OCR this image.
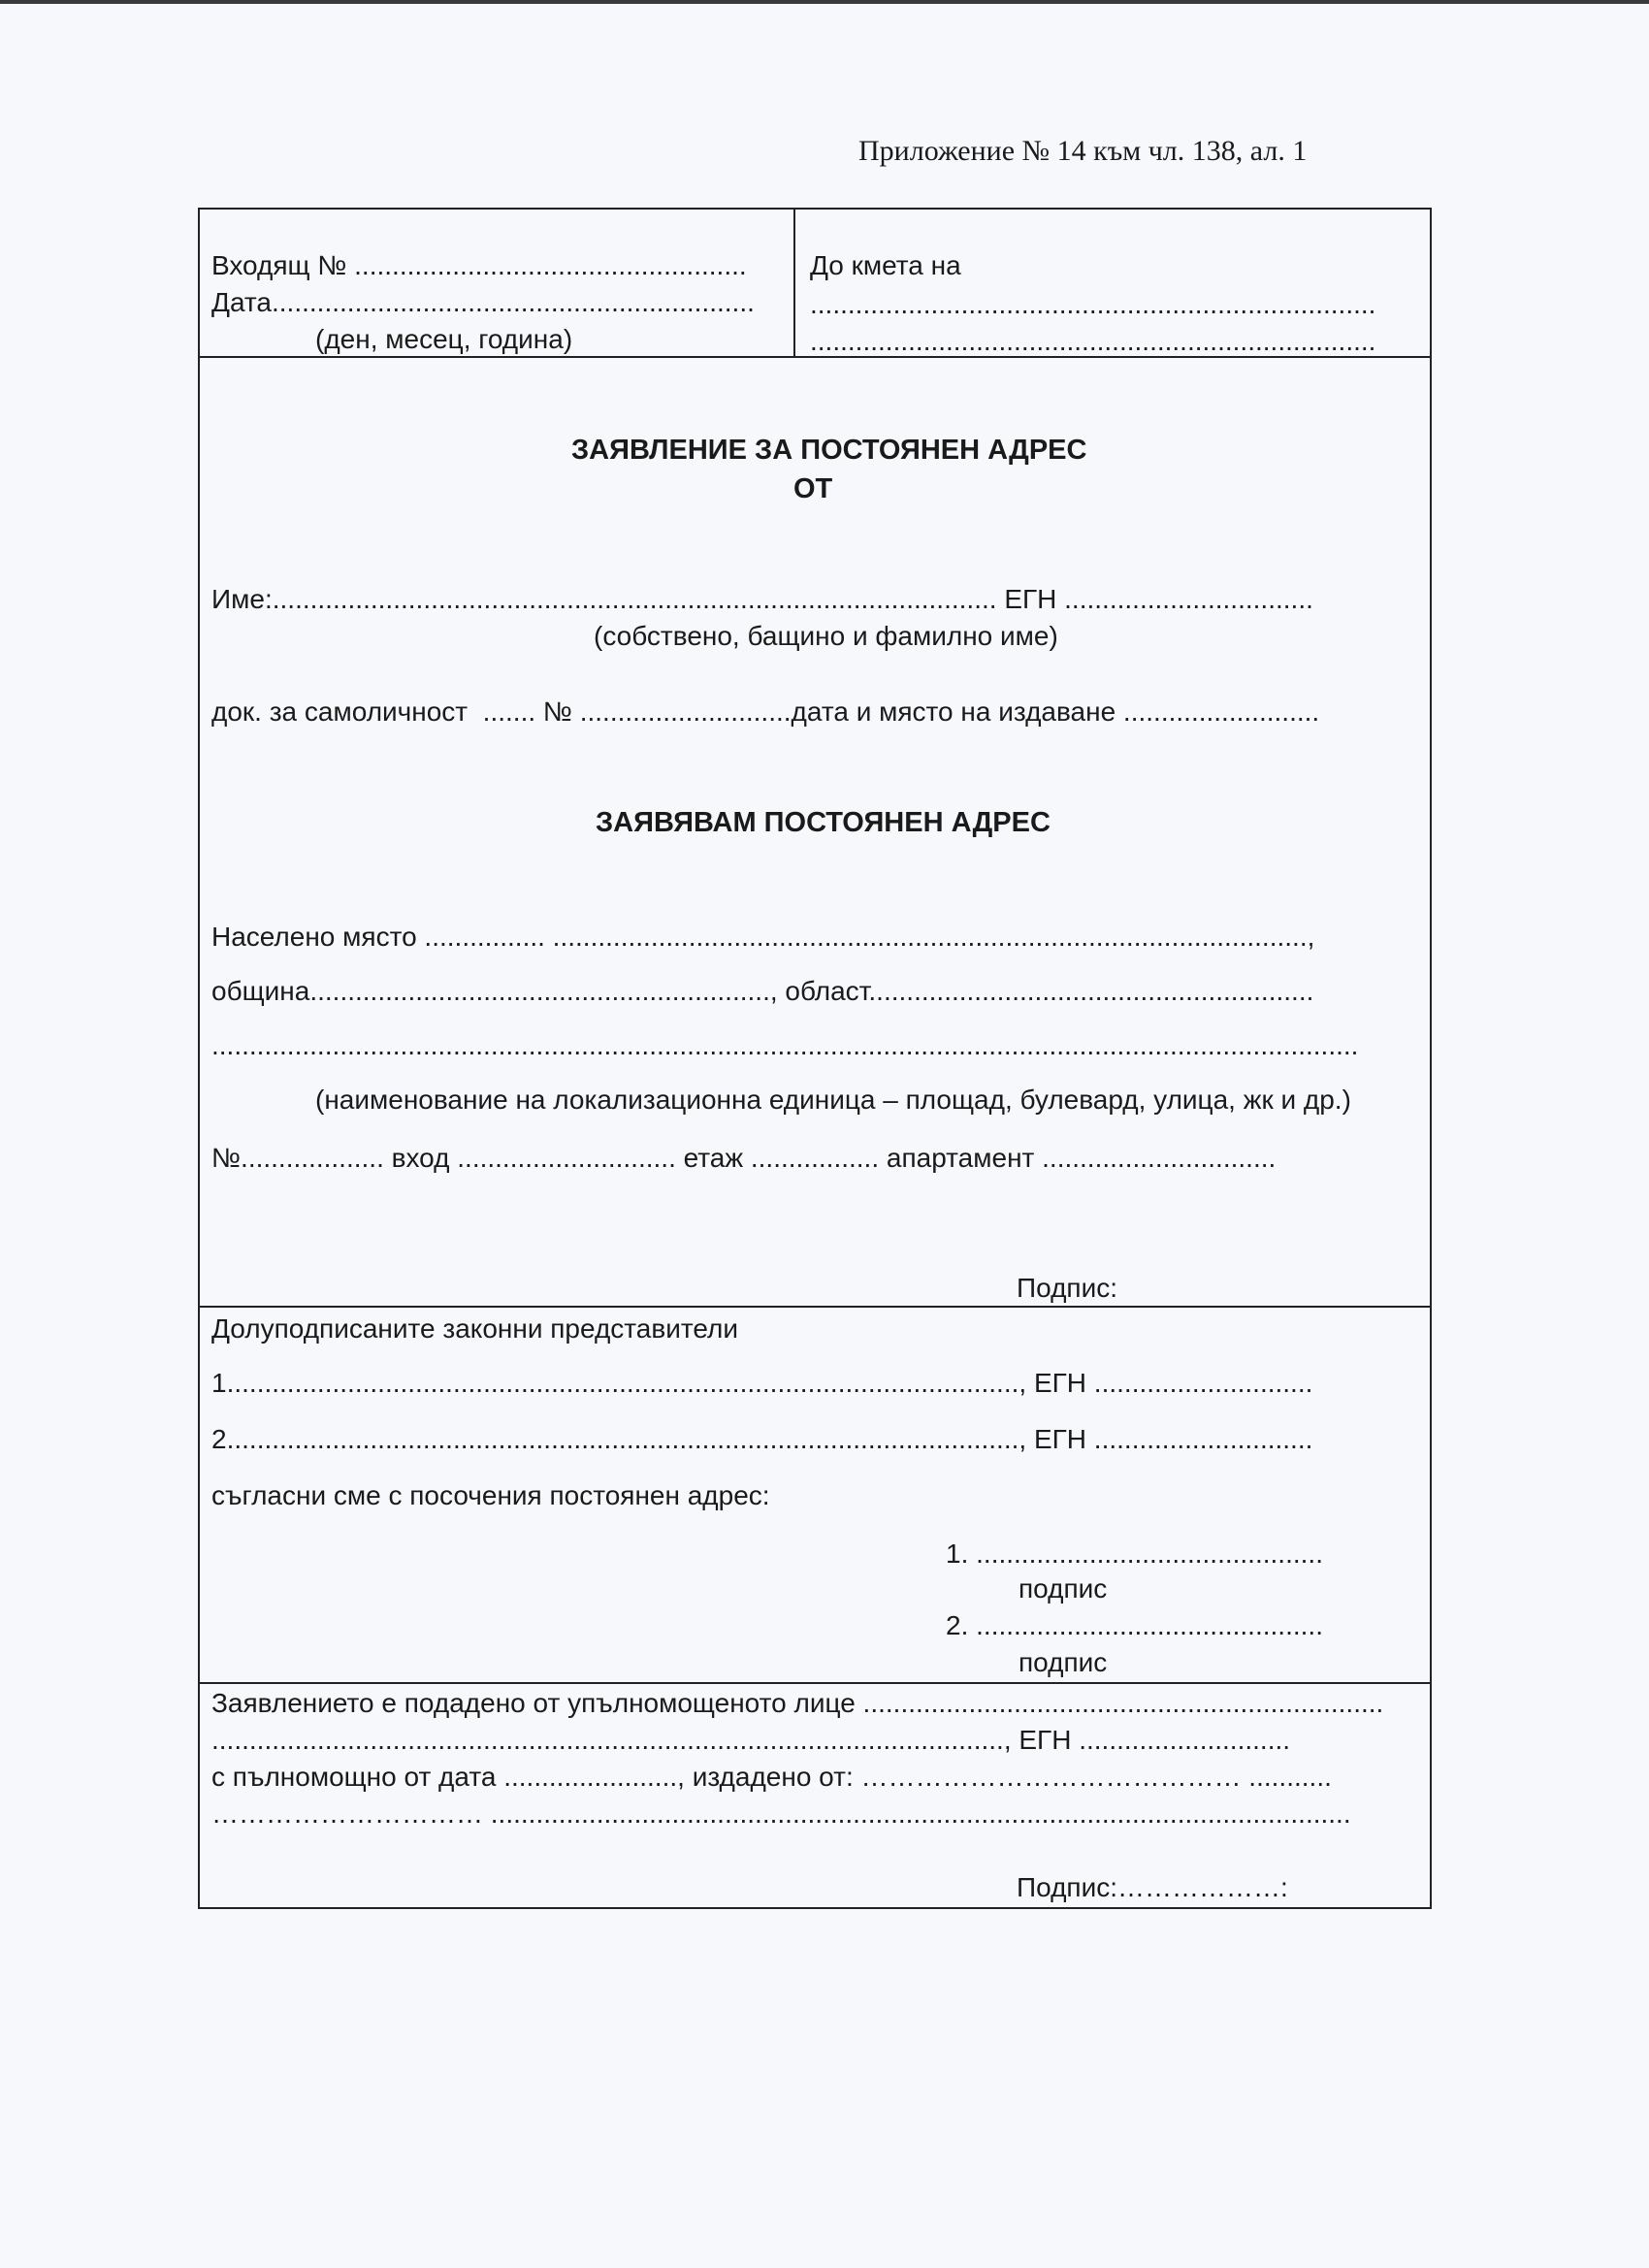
Приложение № 14 към чл. 138, ал. 1
Входящ № ....................................................
Дата................................................................
(ден, месец, година)
До кмета на
...........................................................................
...........................................................................
ЗАЯВЛЕНИЕ ЗА ПОСТОЯНЕН АДРЕС
ОТ
Име:................................................................................................ ЕГН .................................
(собствено, бащино и фамилно име)
док. за самоличност  ....... № ............................дата и място на издаване ..........................
ЗАЯВЯВАМ ПОСТОЯНЕН АДРЕС
Населено място ................ ....................................................................................................,
община............................................................., област...........................................................
........................................................................................................................................................
(наименование на локализационна единица – площад, булевард, улица, жк и др.)
№................... вход ............................. етаж ................. апартамент ...............................
Подпис:
Долуподписаните законни представители
1........................................................................................................., ЕГН .............................
2........................................................................................................., ЕГН .............................
съгласни сме с посочения постоянен адрес:
1. ..............................................
подпис
2. ..............................................
подпис
Заявлението е подадено от упълномощеното лице .....................................................................
........................................................................................................., ЕГН ............................
с пълномощно от дата ......................., издадено от: …………………………………… ...........
………………………… ..................................................................................................................
Подпис:………………:
